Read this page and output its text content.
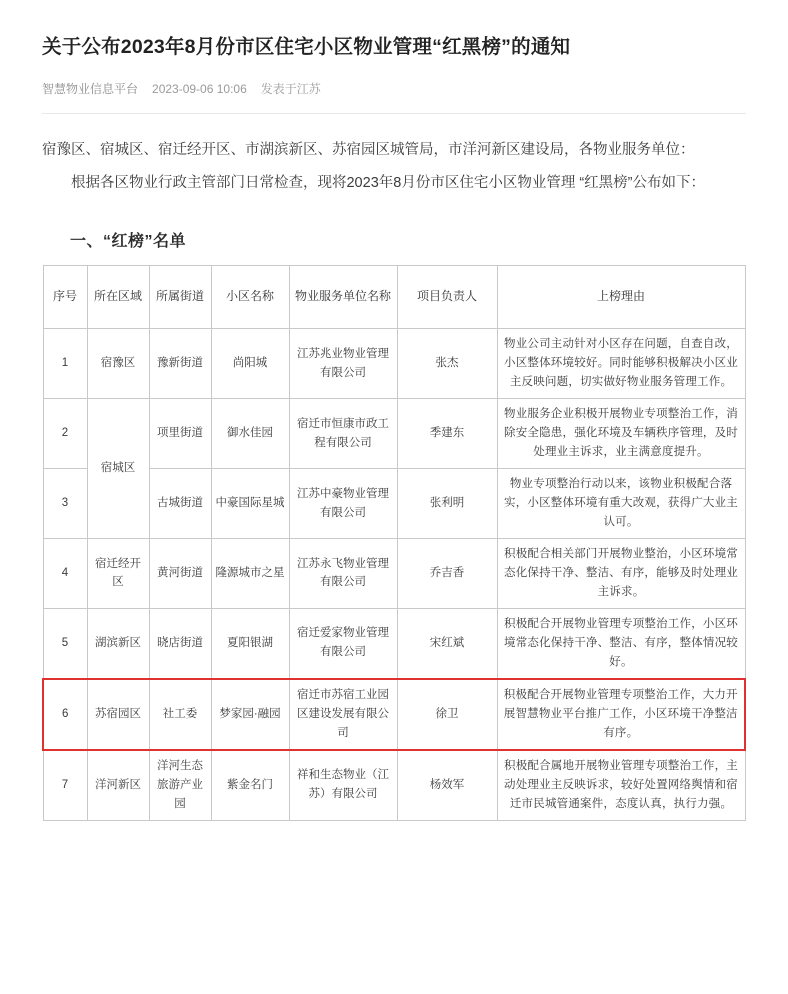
关于公布2023年8月份市区住宅小区物业管理“红黑榜”的通知
智慧物业信息平台 2023-09-06 10:06 发表于江苏

宿豫区、宿城区、宿迁经开区、市湖滨新区、苏宿园区城管局，市洋河新区建设局，各物业服务单位：

根据各区物业行政主管部门日常检查，现将2023年8月份市区住宅小区物业管理 “红黑榜”公布如下：

一、“红榜”名单
序号	所在区域	所属街道	小区名称	物业服务单位名称	项目负责人	上榜理由
1	宿豫区	豫新街道	尚阳城	江苏兆业物业管理有限公司	张杰	物业公司主动针对小区存在问题，自查自改，小区整体环境较好。同时能够积极解决小区业主反映问题，切实做好物业服务管理工作。
2	宿城区	项里街道	御水佳园	宿迁市恒康市政工程有限公司	季建东	物业服务企业积极开展物业专项整治工作，消除安全隐患，强化环境及车辆秩序管理，及时处理业主诉求，业主满意度提升。
3		古城街道	中豪国际星城	江苏中豪物业管理有限公司	张利明	物业专项整治行动以来，该物业积极配合落实，小区整体环境有重大改观，获得广大业主认可。
4	宿迁经开区	黄河街道	隆源城市之星	江苏永飞物业管理有限公司	乔吉香	积极配合相关部门开展物业整治，小区环境常态化保持干净、整洁、有序，能够及时处理业主诉求。
5	湖滨新区	晓店街道	夏阳银湖	宿迁爱家物业管理有限公司	宋红斌	积极配合开展物业管理专项整治工作，小区环境常态化保持干净、整洁、有序，整体情况较好。
6	苏宿园区	社工委	梦家园·融园	宿迁市苏宿工业园区建设发展有限公司	徐卫	积极配合开展物业管理专项整治工作，大力开展智慧物业平台推广工作，小区环境干净整洁有序。
7	洋河新区	洋河生态旅游产业园	紫金名门	祥和生态物业（江苏）有限公司	杨效军	积极配合属地开展物业管理专项整治工作，主动处理业主反映诉求，较好处置网络舆情和宿迁市民城管通案件，态度认真，执行力强。
